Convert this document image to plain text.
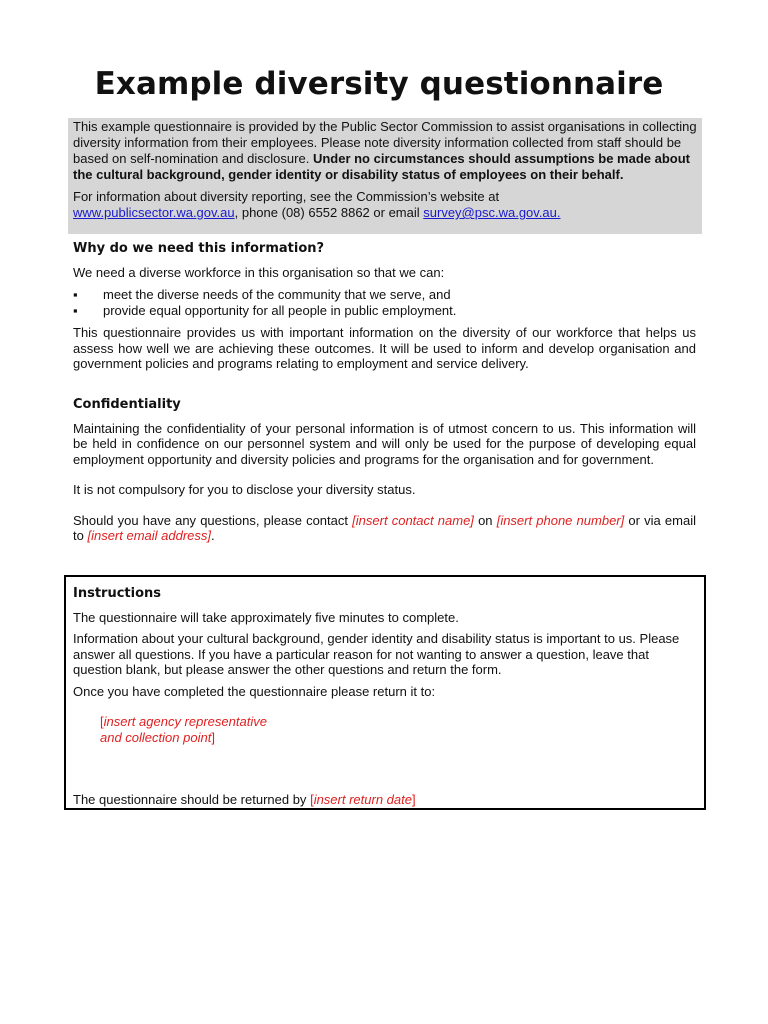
Example diversity questionnaire

This example questionnaire is provided by the Public Sector Commission to assist organisations in collecting diversity information from their employees. Please note diversity information collected from staff should be based on self-nomination and disclosure. Under no circumstances should assumptions be made about the cultural background, gender identity or disability status of employees on their behalf.

For information about diversity reporting, see the Commission’s website at
www.publicsector.wa.gov.au, phone (08) 6552 8862 or email survey@psc.wa.gov.au.

Why do we need this information?

We need a diverse workforce in this organisation so that we can:

▪ meet the diverse needs of the community that we serve, and
▪ provide equal opportunity for all people in public employment.

This questionnaire provides us with important information on the diversity of our workforce that helps us assess how well we are achieving these outcomes. It will be used to inform and develop organisation and government policies and programs relating to employment and service delivery.

Confidentiality

Maintaining the confidentiality of your personal information is of utmost concern to us. This information will be held in confidence on our personnel system and will only be used for the purpose of developing equal employment opportunity and diversity policies and programs for the organisation and for government.

It is not compulsory for you to disclose your diversity status.

Should you have any questions, please contact [insert contact name] on [insert phone number] or via email to [insert email address].

Instructions

The questionnaire will take approximately five minutes to complete.

Information about your cultural background, gender identity and disability status is important to us. Please answer all questions. If you have a particular reason for not wanting to answer a question, leave that question blank, but please answer the other questions and return the form.

Once you have completed the questionnaire please return it to:

[insert agency representative
and collection point]

The questionnaire should be returned by [insert return date]
